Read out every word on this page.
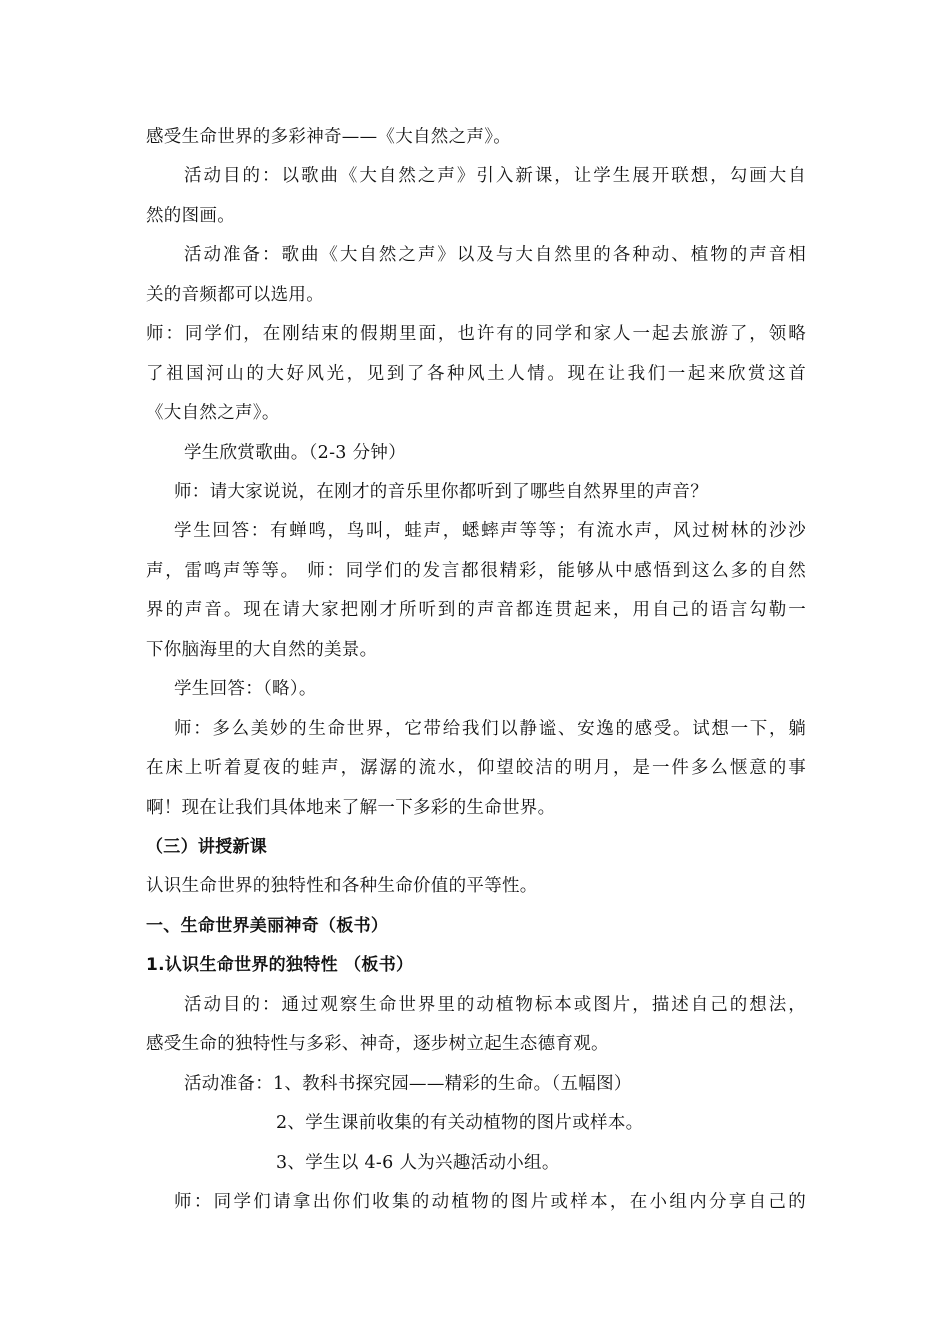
感受生命世界的多彩神奇——《大自然之声》。
活动目的：以歌曲《大自然之声》引入新课，让学生展开联想，勾画大自
然的图画。
活动准备：歌曲《大自然之声》以及与大自然里的各种动、植物的声音相
关的音频都可以选用。
师：同学们，在刚结束的假期里面，也许有的同学和家人一起去旅游了，领略
了祖国河山的大好风光，见到了各种风土人情。现在让我们一起来欣赏这首
《大自然之声》。
学生欣赏歌曲。（2-3 分钟）
师：请大家说说，在刚才的音乐里你都听到了哪些自然界里的声音？
学生回答：有蝉鸣，鸟叫，蛙声，蟋蟀声等等；有流水声，风过树林的沙沙
声，雷鸣声等等。 师：同学们的发言都很精彩，能够从中感悟到这么多的自然
界的声音。现在请大家把刚才所听到的声音都连贯起来，用自己的语言勾勒一
下你脑海里的大自然的美景。
学生回答：（略）。
师：多么美妙的生命世界，它带给我们以静谧、安逸的感受。试想一下，躺
在床上听着夏夜的蛙声，潺潺的流水，仰望皎洁的明月，是一件多么惬意的事
啊！现在让我们具体地来了解一下多彩的生命世界。
（三）讲授新课
认识生命世界的独特性和各种生命价值的平等性。
一、生命世界美丽神奇（板书）
1.认识生命世界的独特性 （板书）
活动目的：通过观察生命世界里的动植物标本或图片，描述自己的想法，
感受生命的独特性与多彩、神奇，逐步树立起生态德育观。
活动准备：1、教科书探究园——精彩的生命。（五幅图）
2、学生课前收集的有关动植物的图片或样本。
3、学生以 4-6 人为兴趣活动小组。
师：同学们请拿出你们收集的动植物的图片或样本，在小组内分享自己的
